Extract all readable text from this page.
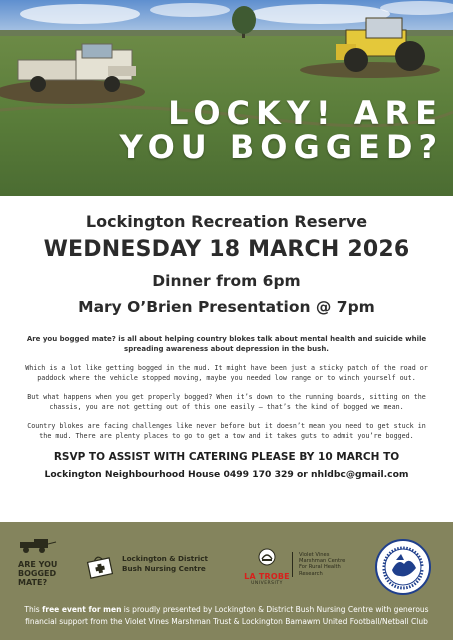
LOCKY! ARE
YOU BOGGED?
Lockington Recreation Reserve
WEDNESDAY 18 MARCH 2026
Dinner from 6pm
Mary O’Brien Presentation @ 7pm

Are you bogged mate? is all about helping country blokes talk about mental health and suicide while spreading awareness about depression in the bush.

Which is a lot like getting bogged in the mud. It might have been just a sticky patch of the road or paddock where the vehicle stopped moving, maybe you needed low range or to winch yourself out.

But what happens when you get properly bogged? When it’s down to the running boards, sitting on the chassis, you are not getting out of this one easily – that’s the kind of bogged we mean.

Country blokes are facing challenges like never before but it doesn’t mean you need to get stuck in the mud. There are plenty places to go to get a tow and it takes guts to admit you’re bogged.

RSVP TO ASSIST WITH CATERING PLEASE BY 10 MARCH TO
Lockington Neighbourhood House 0499 170 329 or nhldbc@gmail.com
ARE YOU
BOGGED
MATE?
Lockington & District
Bush Nursing Centre
LA TROBE
UNIVERSITY
Violet Vines
Marshman Centre
For Rural Health
Research
This free event for men is proudly presented by Lockington & District Bush Nursing Centre with generous financial support from the Violet Vines Marshman Trust & Lockington Bamawm United Football/Netball Club
